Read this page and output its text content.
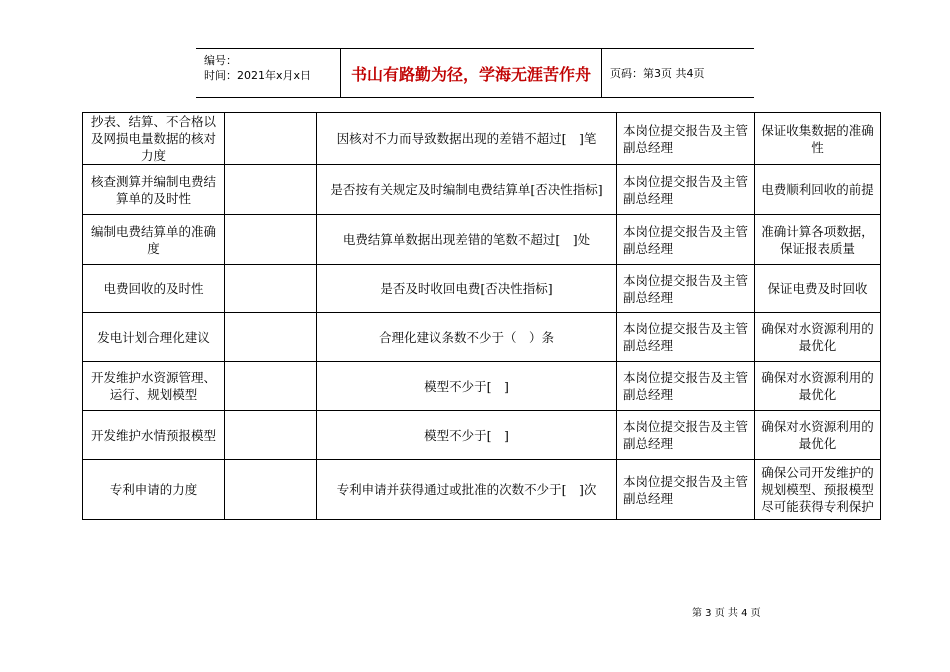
编号：
时间：2021年x月x日	书山有路勤为径，学海无涯苦作舟	页码：第3页 共4页
抄表、结算、不合格以及网损电量数据的核对力度		因核对不力而导致数据出现的差错不超过[　]笔	本岗位提交报告及主管副总经理	保证收集数据的准确性
核查测算并编制电费结算单的及时性		是否按有关规定及时编制电费结算单[否决性指标]	本岗位提交报告及主管副总经理	电费顺利回收的前提
编制电费结算单的准确度		电费结算单数据出现差错的笔数不超过[　]处	本岗位提交报告及主管副总经理	准确计算各项数据，保证报表质量
电费回收的及时性		是否及时收回电费[否决性指标]	本岗位提交报告及主管副总经理	保证电费及时回收
发电计划合理化建议		合理化建议条数不少于（　）条	本岗位提交报告及主管副总经理	确保对水资源利用的最优化
开发维护水资源管理、运行、规划模型		模型不少于[　]	本岗位提交报告及主管副总经理	确保对水资源利用的最优化
开发维护水情预报模型		模型不少于[　]	本岗位提交报告及主管副总经理	确保对水资源利用的最优化
专利申请的力度		专利申请并获得通过或批准的次数不少于[　]次	本岗位提交报告及主管副总经理	确保公司开发维护的规划模型、预报模型尽可能获得专利保护
第 3 页 共 4 页
